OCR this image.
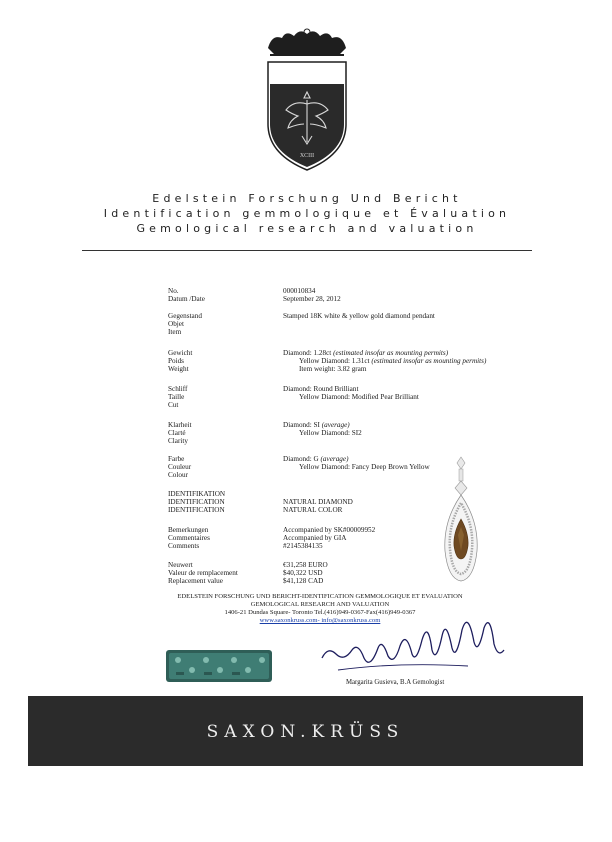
XCIII
Edelstein Forschung Und Bericht
Identification gemmologique et Évaluation
Gemological research and valuation
No.	000010834
Datum /Date	September 28, 2012
Gegenstand
Objet
Item
Stamped 18K white & yellow gold diamond pendant
Gewicht
Poids
Weight
Diamond: 1.28ct (estimated insofar as mounting permits)
Yellow Diamond: 1.31ct (estimated insofar as mounting permits)
Item weight: 3.82 gram
Schliff
Taille
Cut
Diamond: Round Brilliant
Yellow Diamond: Modified Pear Brilliant
Klarheit
Clarté
Clarity
Diamond: SI (average)
Yellow Diamond: SI2
Farbe
Couleur
Colour
Diamond: G (average)
Yellow Diamond: Fancy Deep Brown Yellow
IDENTIFIKATION
IDENTIFICATION
IDENTIFICATION
NATURAL DIAMOND
NATURAL COLOR
Bemerkungen
Commentaires
Comments
Accompanied by SK#00009952
Accompanied by GIA
#2145384135
Neuwert
Valeur de remplacement
Replacement value
€31,258 EURO
$40,322 USD
$41,128 CAD
EDELSTEIN FORSCHUNG UND BERICHT-IDENTIFICATION GEMMOLOGIQUE ET EVALUATION
GEMOLOGICAL RESEARCH AND VALUATION
1406-21 Dundas Square- Toronto Tel.(416)949-0367-Fax(416)949-0367
www.saxonkruss.com- info@saxonkruss.com
Margarita Gusieva, B.A Gemologist
SAXON.KRÜSS
